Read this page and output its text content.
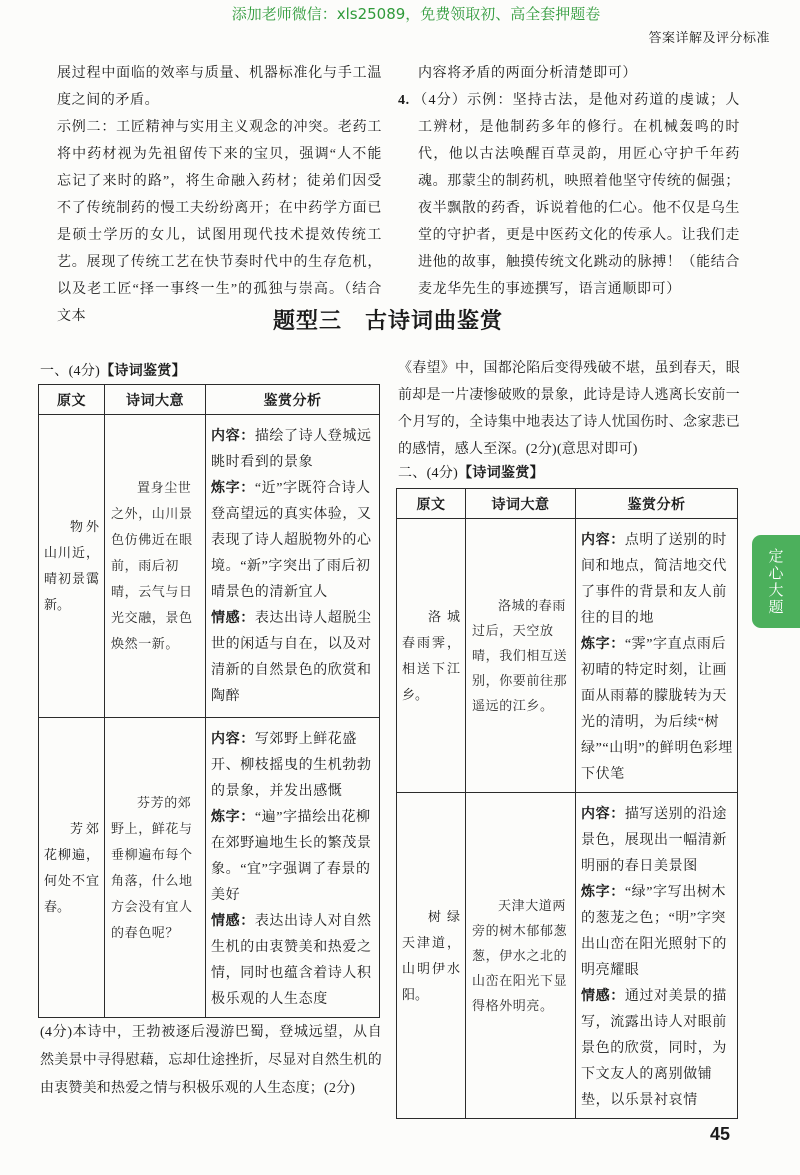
添加老师微信：xls25089，免费领取初、高全套押题卷
答案详解及评分标准

展过程中面临的效率与质量、机器标准化与手工温度之间的矛盾。

示例二：工匠精神与实用主义观念的冲突。老药工将中药材视为先祖留传下来的宝贝，强调“人不能忘记了来时的路”，将生命融入药材；徒弟们因受不了传统制药的慢工夫纷纷离开；在中药学方面已是硕士学历的女儿，试图用现代技术提效传统工艺。展现了传统工艺在快节奏时代中的生存危机，以及老工匠“择一事终一生”的孤独与崇高。（结合文本

内容将矛盾的两面分析清楚即可）

4. （4分）示例：坚持古法，是他对药道的虔诚；人工辨材，是他制药多年的修行。在机械轰鸣的时代，他以古法唤醒百草灵韵，用匠心守护千年药魂。那蒙尘的制药机，映照着他坚守传统的倔强；夜半飘散的药香，诉说着他的仁心。他不仅是乌生堂的守护者，更是中医药文化的传承人。让我们走进他的故事，触摸传统文化跳动的脉搏！（能结合麦龙华先生的事迹撰写，语言通顺即可）

题型三　古诗词曲鉴赏
一、(4分)【诗词鉴赏】
原文	诗词大意	鉴赏分析

物外山川近，晴初景霭新。	置身尘世之外，山川景色仿佛近在眼前，雨后初晴，云气与日光交融，景色焕然一新。	内容：描绘了诗人登城远眺时看到的景象
炼字：“近”字既符合诗人登高望远的真实体验，又表现了诗人超脱物外的心境。“新”字突出了雨后初晴景色的清新宜人
情感：表达出诗人超脱尘世的闲适与自在，以及对清新的自然景色的欣赏和陶醉

芳郊花柳遍，何处不宜春。	芬芳的郊野上，鲜花与垂柳遍布每个角落，什么地方会没有宜人的春色呢？	内容：写郊野上鲜花盛开、柳枝摇曳的生机勃勃的景象，并发出感慨
炼字：“遍”字描绘出花柳在郊野遍地生长的繁茂景象。“宜”字强调了春景的美好
情感：表达出诗人对自然生机的由衷赞美和热爱之情，同时也蕴含着诗人积极乐观的人生态度
(4分)本诗中，王勃被逐后漫游巴蜀，登城远望，从自然美景中寻得慰藉，忘却仕途挫折，尽显对自然生机的由衷赞美和热爱之情与积极乐观的人生态度；(2分)
《春望》中，国都沦陷后变得残破不堪，虽到春天，眼前却是一片凄惨破败的景象，此诗是诗人逃离长安前一个月写的，全诗集中地表达了诗人忧国伤时、念家悲已的感情，感人至深。(2分)(意思对即可)
二、(4分)【诗词鉴赏】
原文	诗词大意	鉴赏分析

洛城春雨霁，相送下江乡。	洛城的春雨过后，天空放晴，我们相互送别，你要前往那遥远的江乡。	内容：点明了送别的时间和地点，简洁地交代了事件的背景和友人前往的目的地
炼字：“霁”字直点雨后初晴的特定时刻，让画面从雨幕的朦胧转为天光的清明，为后续“树绿”“山明”的鲜明色彩埋下伏笔

树绿天津道，山明伊水阳。	天津大道两旁的树木郁郁葱葱，伊水之北的山峦在阳光下显得格外明亮。	内容：描写送别的沿途景色，展现出一幅清新明丽的春日美景图
炼字：“绿”字写出树木的葱茏之色；“明”字突出山峦在阳光照射下的明亮耀眼
情感：通过对美景的描写，流露出诗人对眼前景色的欣赏，同时，为下文友人的离别做铺垫，以乐景衬哀情
定心大题
45
